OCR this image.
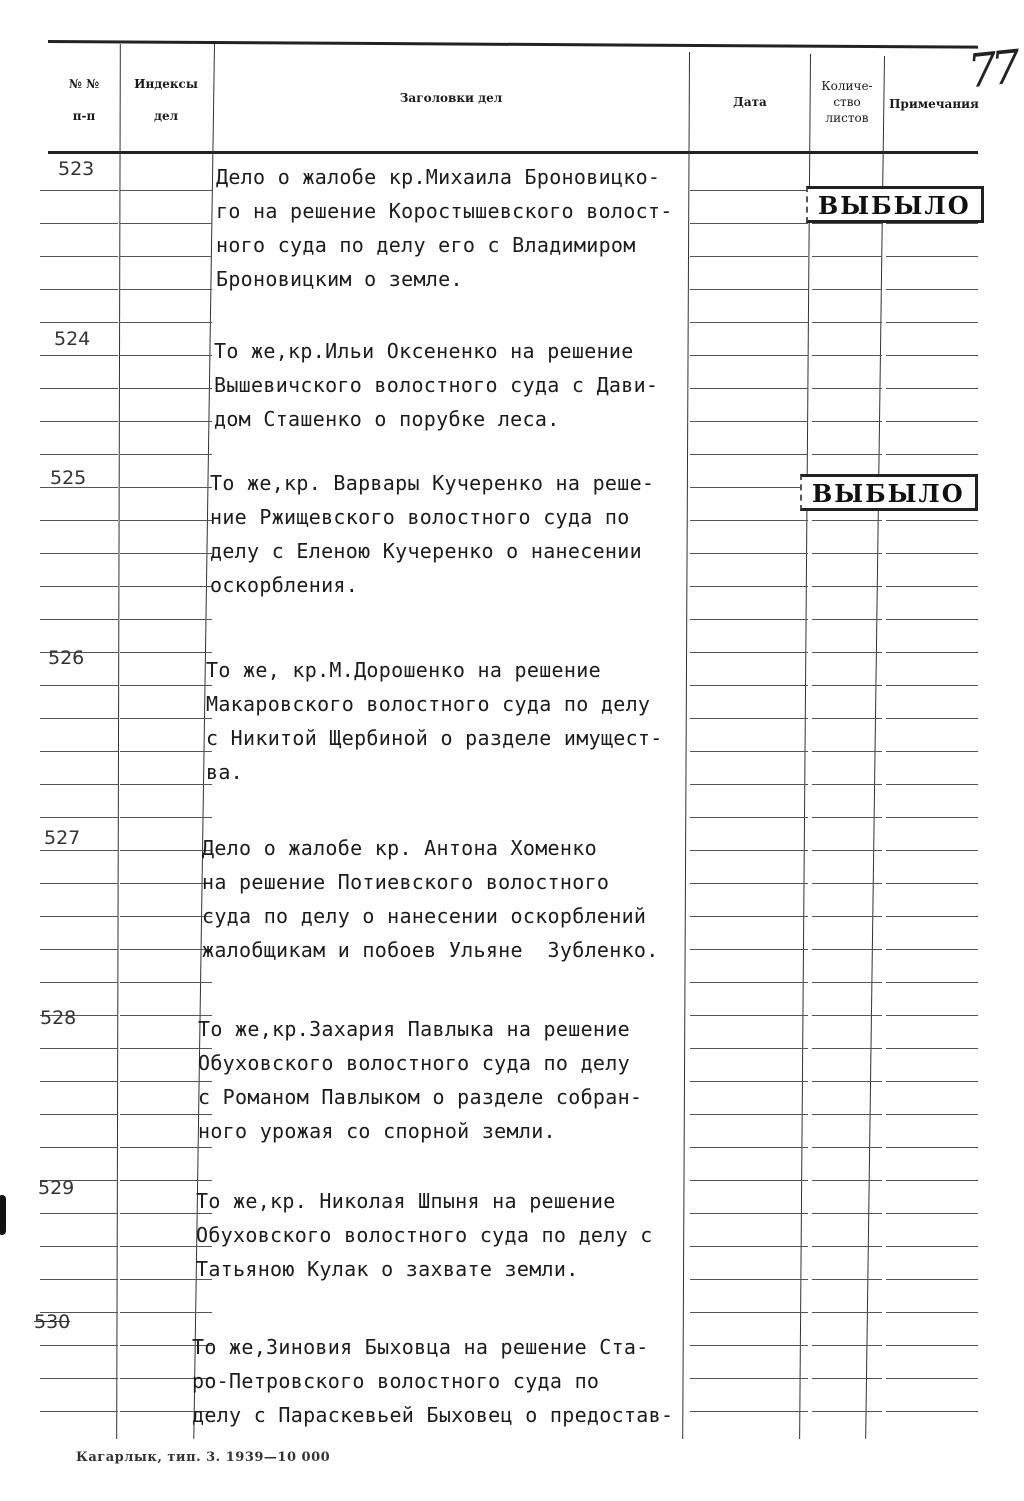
77
№ №
п-п
Индексы
дел
Заголовки дел	Дата
Количе-
ство
листов
Примечания
523
524
525
526
527
528
529
530
Дело о жалобе кр.Михаила Броновицко-
го на решение Коростышевского волост-
ного суда по делу его с Владимиром
Броновицким о земле.
То же,кр.Ильи Оксененко на решение
Вышевичского волостного суда с Дави-
дом Сташенко о порубке леса.
То же,кр. Варвары Кучеренко на реше-
ние Ржищевского волостного суда по
делу с Еленою Кучеренко о нанесении
оскорбления.
То же, кр.М.Дорошенко на решение
Макаровского волостного суда по делу
с Никитой Щербиной о разделе имущест-
ва.
Дело о жалобе кр. Антона Хоменко
на решение Потиевского волостного
суда по делу о нанесении оскорблений
жалобщикам и побоев Ульяне  Зубленко.
То же,кр.Захария Павлыка на решение
Обуховского волостного суда по делу
с Романом Павлыком о разделе собран-
ного урожая со спорной земли.
То же,кр. Николая Шпыня на решение
Обуховского волостного суда по делу с
Татьяною Кулак о захвате земли.
То же,Зиновия Быховца на решение Ста-
ро-Петровского волостного суда по
делу с Параскевьей Быховец о предостав-
ВЫБЫЛО
ВЫБЫЛО
Кагарлык, тип. 3. 1939—10 000
